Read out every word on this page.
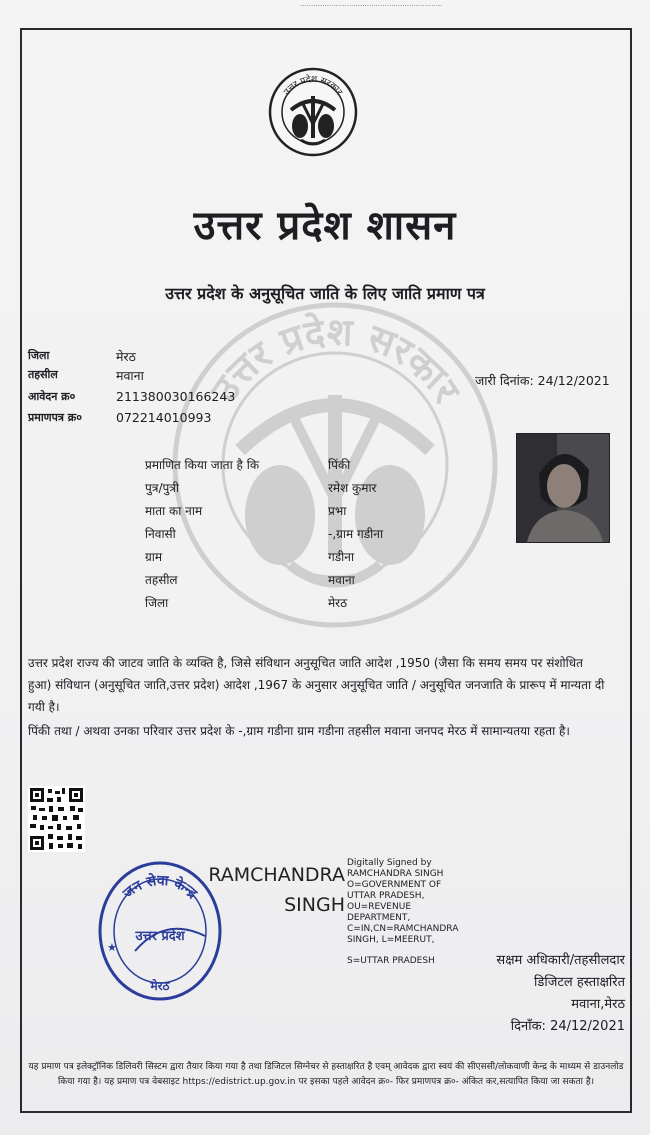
................................................................
उत्तर प्रदेश सरकार
उत्तर प्रदेश सरकार
उत्तर प्रदेश शासन
उत्तर प्रदेश के अनुसूचित जाति के लिए जाति प्रमाण पत्र
जिला	मेरठ
तहसील	मवाना
आवेदन क्र०	211380030166243
प्रमाणपत्र क्र०	072214010993
जारी दिनांक: 24/12/2021
प्रमाणित किया जाता है कि	पिंकी
पुत्र/पुत्री	रमेश कुमार
माता का नाम	प्रभा
निवासी	-,ग्राम गडीना
ग्राम	गडीना
तहसील	मवाना
जिला	मेरठ
उत्तर प्रदेश राज्य की जाटव जाति के व्यक्ति है, जिसे संविधान अनुसूचित जाति आदेश ,1950 (जैसा कि समय समय पर संशोधित हुआ) संविधान (अनुसूचित जाति,उत्तर प्रदेश) आदेश ,1967 के अनुसार अनुसूचित जाति / अनुसूचित जनजाति के प्रारूप में मान्यता दी गयी है।
पिंकी तथा / अथवा उनका परिवार उत्तर प्रदेश के -,ग्राम गडीना ग्राम गडीना तहसील मवाना जनपद मेरठ में सामान्यतया रहता है।
जन सेवा केन्द्र
उत्तर प्रदेश
मेरठ
★
RAMCHANDRA
SINGH
Digitally Signed by
RAMCHANDRA SINGH
O=GOVERNMENT OF
UTTAR PRADESH,
OU=REVENUE
DEPARTMENT,
C=IN,CN=RAMCHANDRA
SINGH, L=MEERUT,
S=UTTAR PRADESH	सक्षम अधिकारी/तहसीलदार
डिजिटल हस्ताक्षरित
मवाना,मेरठ
दिनाँक: 24/12/2021
यह प्रमाण पत्र इलेक्ट्रॉनिक डिलिवरी सिस्टम द्वारा तैयार किया गया है तथा डिजिटल सिग्नेचर से हस्ताक्षरित है एवम् आवेदक द्वारा स्वयं की सीएससी/लोकवाणी केन्द्र के माध्यम से डाउनलोड किया गया है। यह प्रमाण पत्र वेबसाइट https://edistrict.up.gov.in पर इसका पहले आवेदन क्र०- फिर प्रमाणपत्र क्र०- अंकित कर,सत्यापित किया जा सकता है।
